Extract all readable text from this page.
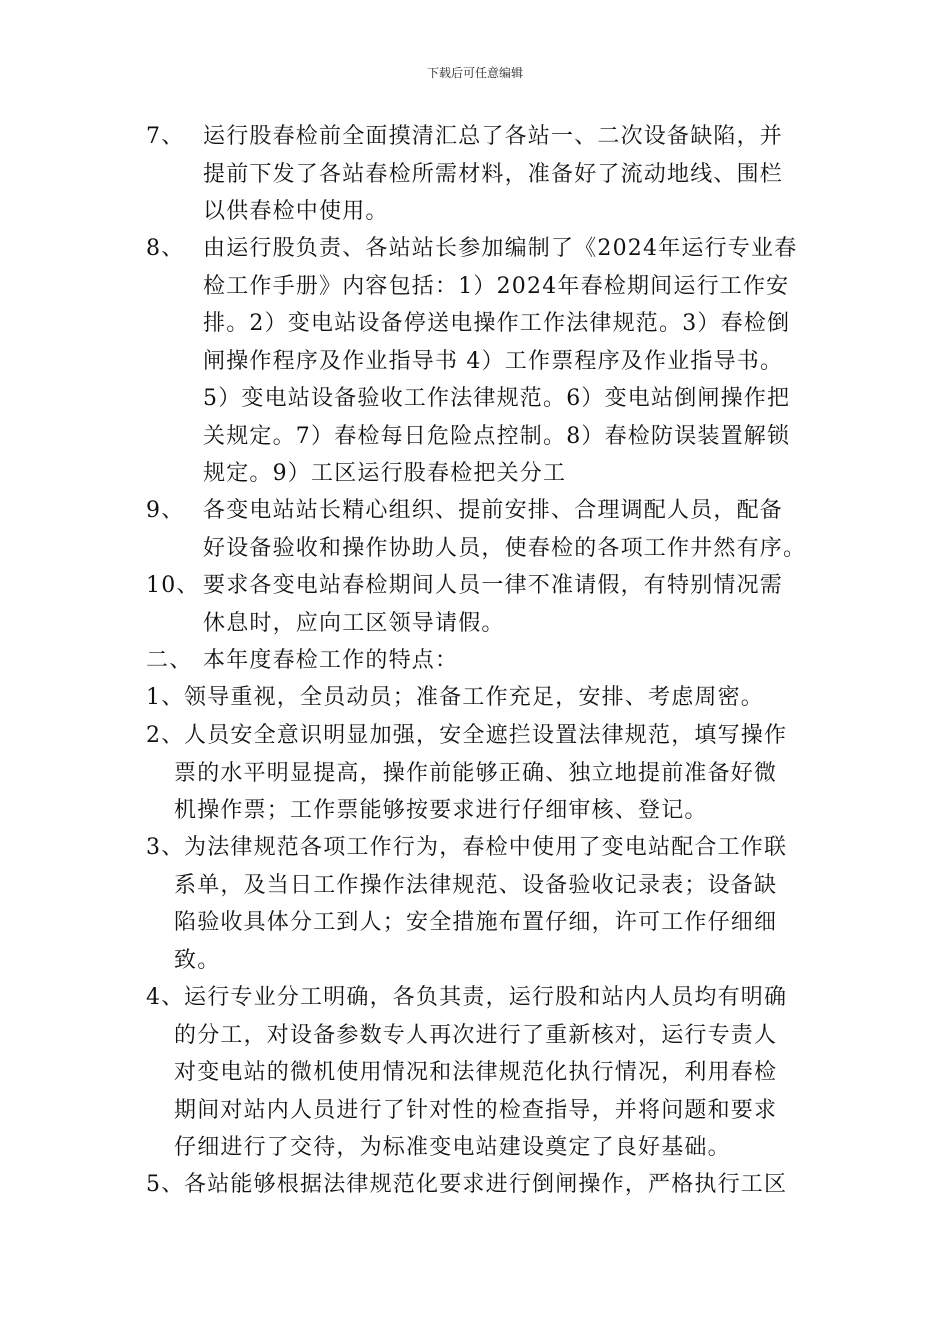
下载后可任意编辑
7、 运行股春检前全面摸清汇总了各站一、二次设备缺陷，并
提前下发了各站春检所需材料，准备好了流动地线、围栏
以供春检中使用。
8、 由运行股负责、各站站长参加编制了《2024年运行专业春
检工作手册》内容包括：1）2024年春检期间运行工作安
排。2）变电站设备停送电操作工作法律规范。3）春检倒
闸操作程序及作业指导书 4）工作票程序及作业指导书。
5）变电站设备验收工作法律规范。6）变电站倒闸操作把
关规定。7）春检每日危险点控制。8）春检防误装置解锁
规定。9）工区运行股春检把关分工
9、 各变电站站长精心组织、提前安排、合理调配人员，配备
好设备验收和操作协助人员，使春检的各项工作井然有序。
10、 要求各变电站春检期间人员一律不准请假，有特别情况需
休息时，应向工区领导请假。
二、 本年度春检工作的特点：
1、 领导重视，全员动员；准备工作充足，安排、考虑周密。
2、 人员安全意识明显加强，安全遮拦设置法律规范，填写操作
票的水平明显提高，操作前能够正确、独立地提前准备好微
机操作票；工作票能够按要求进行仔细审核、登记。
3、 为法律规范各项工作行为，春检中使用了变电站配合工作联
系单，及当日工作操作法律规范、设备验收记录表；设备缺
陷验收具体分工到人；安全措施布置仔细，许可工作仔细细
致。
4、 运行专业分工明确，各负其责，运行股和站内人员均有明确
的分工，对设备参数专人再次进行了重新核对，运行专责人
对变电站的微机使用情况和法律规范化执行情况，利用春检
期间对站内人员进行了针对性的检查指导，并将问题和要求
仔细进行了交待，为标准变电站建设奠定了良好基础。
5、 各站能够根据法律规范化要求进行倒闸操作，严格执行工区
